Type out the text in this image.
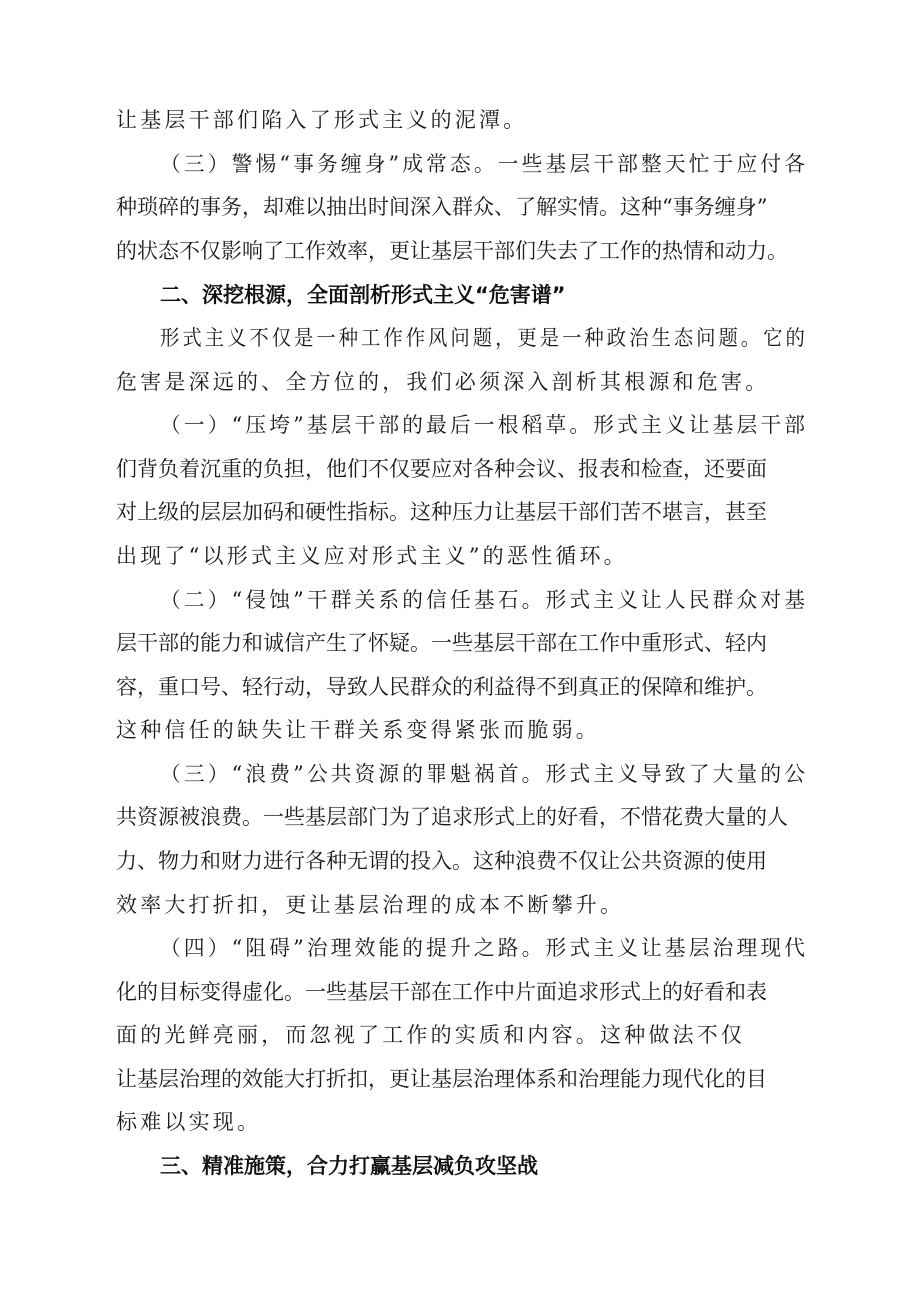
让基层干部们陷入了形式主义的泥潭。
（三）警惕“事务缠身”成常态。一些基层干部整天忙于应付各
种琐碎的事务，却难以抽出时间深入群众、了解实情。这种“事务缠身”
的状态不仅影响了工作效率，更让基层干部们失去了工作的热情和动力。
二、深挖根源，全面剖析形式主义“危害谱”
形式主义不仅是一种工作作风问题，更是一种政治生态问题。它的
危害是深远的、全方位的，我们必须深入剖析其根源和危害。
（一）“压垮”基层干部的最后一根稻草。形式主义让基层干部
们背负着沉重的负担，他们不仅要应对各种会议、报表和检查，还要面
对上级的层层加码和硬性指标。这种压力让基层干部们苦不堪言，甚至
出现了“以形式主义应对形式主义”的恶性循环。
（二）“侵蚀”干群关系的信任基石。形式主义让人民群众对基
层干部的能力和诚信产生了怀疑。一些基层干部在工作中重形式、轻内
容，重口号、轻行动，导致人民群众的利益得不到真正的保障和维护。
这种信任的缺失让干群关系变得紧张而脆弱。
（三）“浪费”公共资源的罪魁祸首。形式主义导致了大量的公
共资源被浪费。一些基层部门为了追求形式上的好看，不惜花费大量的人
力、物力和财力进行各种无谓的投入。这种浪费不仅让公共资源的使用
效率大打折扣，更让基层治理的成本不断攀升。
（四）“阻碍”治理效能的提升之路。形式主义让基层治理现代
化的目标变得虚化。一些基层干部在工作中片面追求形式上的好看和表
面的光鲜亮丽，而忽视了工作的实质和内容。这种做法不仅
让基层治理的效能大打折扣，更让基层治理体系和治理能力现代化的目
标难以实现。
三、精准施策，合力打赢基层减负攻坚战
